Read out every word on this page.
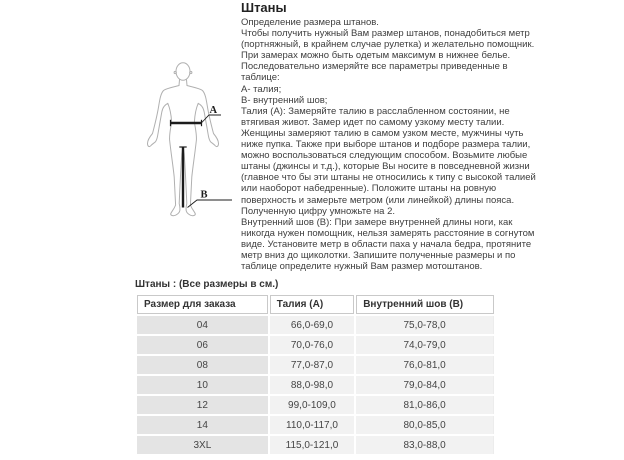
A
B
Штаны
Определение размера штанов.
Чтобы получить нужный Вам размер штанов, понадобиться метр
(портняжный, в крайнем случае рулетка) и желательно помощник.
При замерах можно быть одетым максимум в нижнее белье.
Последовательно измеряйте все параметры приведенные в
таблице:
А- талия;
В- внутренний шов;
Талия (А): Замеряйте талию в расслабленном состоянии, не
втягивая живот. Замер идет по самому узкому месту талии.
Женщины замеряют талию в самом узком месте, мужчины чуть
ниже пупка. Также при выборе штанов и подборе размера талии,
можно воспользоваться следующим способом. Возьмите любые
штаны (джинсы и т.д.), которые Вы носите в повседневной жизни
(главное что бы эти штаны не относились к типу с высокой талией
или наоборот набедренные). Положите штаны на ровную
поверхность и замерьте метром (или линейкой) длины пояса.
Полученную цифру умножьте на 2.
Внутренний шов (В): При замере внутренней длины ноги, как
никогда нужен помощник, нельзя замерять расстояние в согнутом
виде. Установите метр в области паха у начала бедра, протяните
метр вниз до щиколотки. Запишите полученные размеры и по
таблице определите нужный Вам размер мотоштанов.
Штаны : (Все размеры в см.)
Размер для заказа	Талия (А)	Внутренний шов (В)
04	66,0-69,0	75,0-78,0
06	70,0-76,0	74,0-79,0
08	77,0-87,0	76,0-81,0
10	88,0-98,0	79,0-84,0
12	99,0-109,0	81,0-86,0
14	110,0-117,0	80,0-85,0
3XL	115,0-121,0	83,0-88,0
